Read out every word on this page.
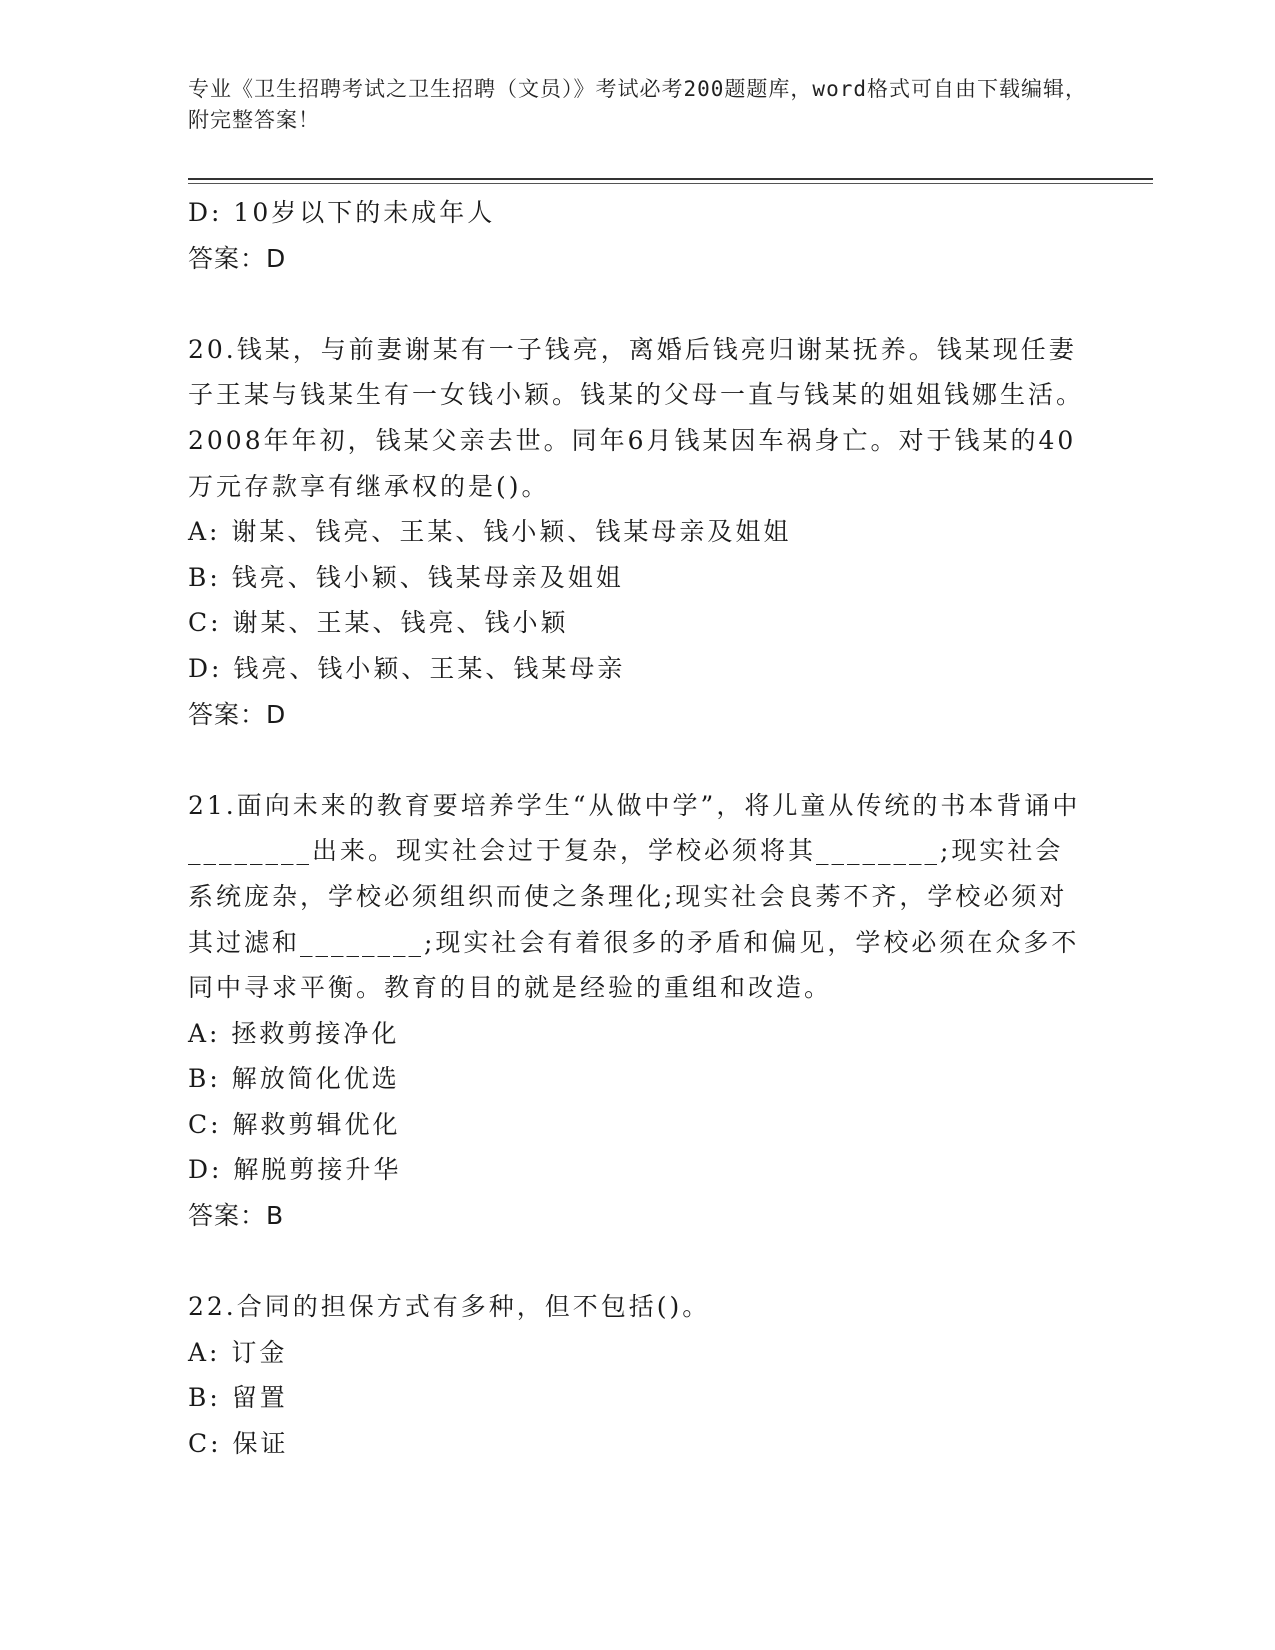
专业《卫生招聘考试之卫生招聘（文员）》考试必考200题题库，word格式可自由下载编辑，附完整答案！
D: 10岁以下的未成年人
答案：D
20.钱某，与前妻谢某有一子钱亮，离婚后钱亮归谢某抚养。钱某现任妻子王某与钱某生有一女钱小颖。钱某的父母一直与钱某的姐姐钱娜生活。2008年年初，钱某父亲去世。同年6月钱某因车祸身亡。对于钱某的40万元存款享有继承权的是()。
A: 谢某、钱亮、王某、钱小颖、钱某母亲及姐姐
B: 钱亮、钱小颖、钱某母亲及姐姐
C: 谢某、王某、钱亮、钱小颖
D: 钱亮、钱小颖、王某、钱某母亲
答案：D
21.面向未来的教育要培养学生“从做中学”，将儿童从传统的书本背诵中________出来。现实社会过于复杂，学校必须将其________;现实社会系统庞杂，学校必须组织而使之条理化;现实社会良莠不齐，学校必须对其过滤和________;现实社会有着很多的矛盾和偏见，学校必须在众多不同中寻求平衡。教育的目的就是经验的重组和改造。
A: 拯救剪接净化
B: 解放简化优选
C: 解救剪辑优化
D: 解脱剪接升华
答案：B
22.合同的担保方式有多种，但不包括()。
A: 订金
B: 留置
C: 保证
